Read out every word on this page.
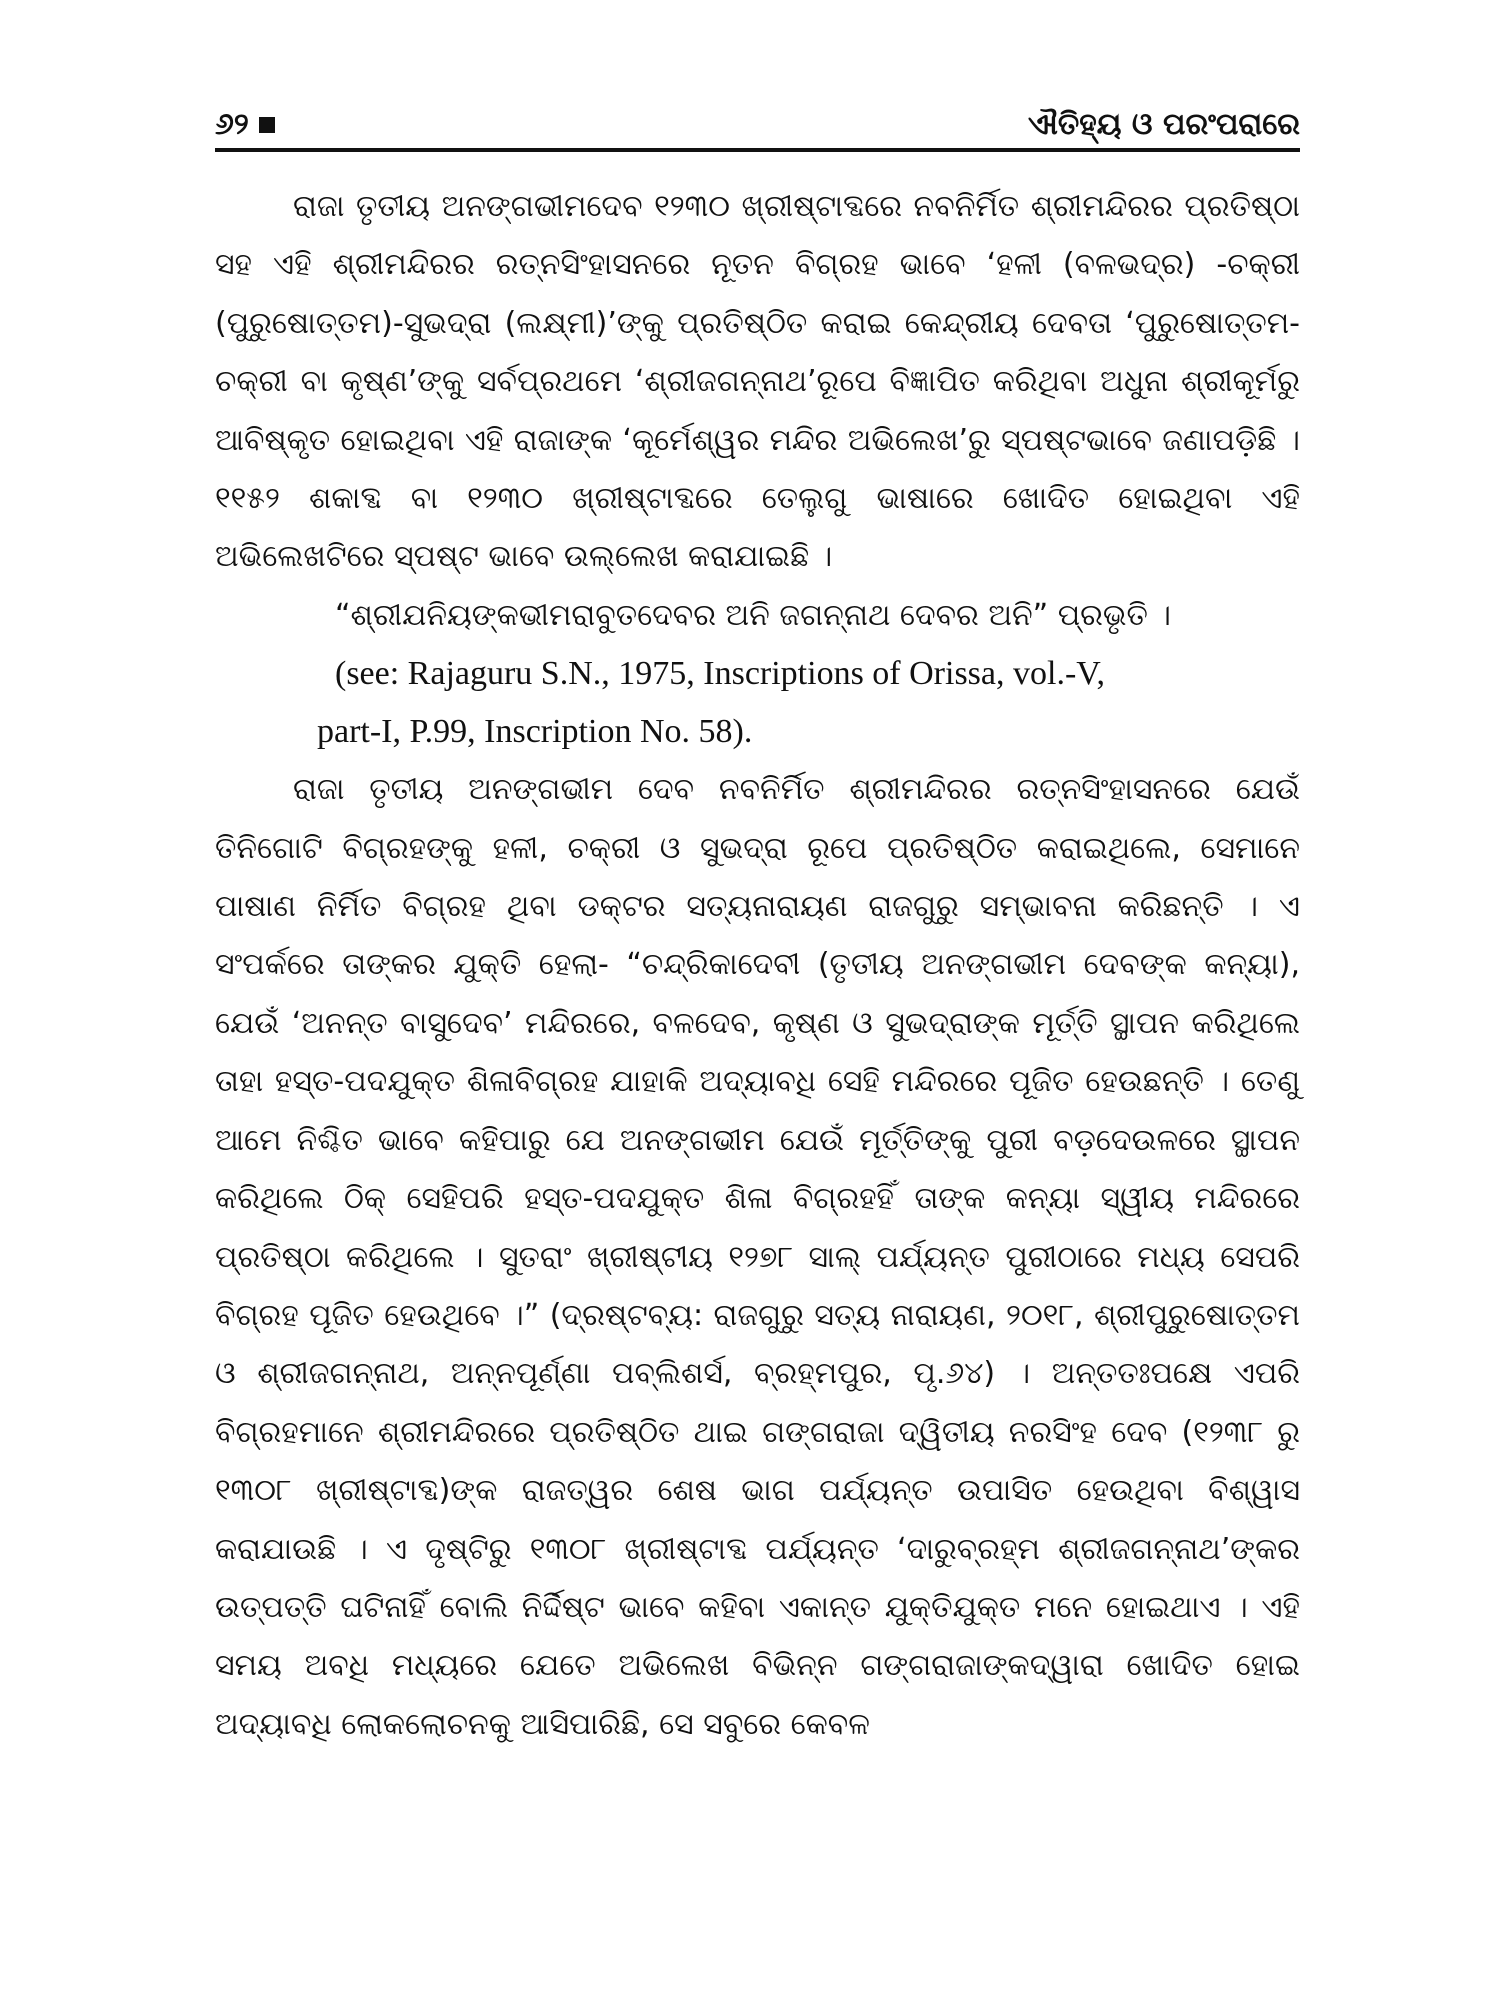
୬୨	ଐତିହ୍ୟ ଓ ପରଂପରାରେ

ରାଜା ତୃତୀୟ ଅନଙ୍ଗଭୀମଦେବ ୧୨୩୦ ଖ୍ରୀଷ୍ଟାବ୍ଦରେ ନବନିର୍ମିତ ଶ୍ରୀମନ୍ଦିରର ପ୍ରତିଷ୍ଠା ସହ ଏହି ଶ୍ରୀମନ୍ଦିରର ରତ୍ନସିଂହାସନରେ ନୂତନ ବିଗ୍ରହ ଭାବେ ‘ହଳୀ (ବଳଭଦ୍ର) -ଚକ୍ରୀ (ପୁରୁଷୋତ୍ତମ)-ସୁଭଦ୍ରା (ଲକ୍ଷ୍ମୀ)’ଙ୍କୁ ପ୍ରତିଷ୍ଠିତ କରାଇ କେନ୍ଦ୍ରୀୟ ଦେବତା ‘ପୁରୁଷୋତ୍ତମ-ଚକ୍ରୀ ବା କୃଷ୍ଣ’ଙ୍କୁ ସର୍ବପ୍ରଥମେ ‘ଶ୍ରୀଜଗନ୍ନାଥ’ରୂପେ ବିଜ୍ଞାପିତ କରିଥିବା ଅଧୁନା ଶ୍ରୀକୂର୍ମରୁ ଆବିଷ୍କୃତ ହୋଇଥିବା ଏହି ରାଜାଙ୍କ ‘କୂର୍ମେଶ୍ୱର ମନ୍ଦିର ଅଭିଲେଖ’ରୁ ସ୍ପଷ୍ଟଭାବେ ଜଣାପଡ଼ିଛି । ୧୧୫୨ ଶକାବ୍ଦ ବା ୧୨୩୦ ଖ୍ରୀଷ୍ଟାବ୍ଦରେ ତେଲୁଗୁ ଭାଷାରେ ଖୋଦିତ ହୋଇଥିବା ଏହି ଅଭିଲେଖଟିରେ ସ୍ପଷ୍ଟ ଭାବେ ଉଲ୍ଲେଖ କରାଯାଇଛି ।

“ଶ୍ରୀଯନିୟଙ୍କଭୀମରାବୁତଦେବର ଅନି ଜଗନ୍ନାଥ ଦେବର ଅନି” ପ୍ରଭୃତି ।

(see: Rajaguru S.N., 1975, Inscriptions of Orissa, vol.-V,

part-I, P.99, Inscription No. 58).

ରାଜା ତୃତୀୟ ଅନଙ୍ଗଭୀମ ଦେବ ନବନିର୍ମିତ ଶ୍ରୀମନ୍ଦିରର ରତ୍ନସିଂହାସନରେ ଯେଉଁ ତିନିଗୋଟି ବିଗ୍ରହଙ୍କୁ ହଳୀ, ଚକ୍ରୀ ଓ ସୁଭଦ୍ରା ରୂପେ ପ୍ରତିଷ୍ଠିତ କରାଇଥିଲେ, ସେମାନେ ପାଷାଣ ନିର୍ମିତ ବିଗ୍ରହ ଥିବା ଡକ୍ଟର ସତ୍ୟନାରାୟଣ ରାଜଗୁରୁ ସମ୍ଭାବନା କରିଛନ୍ତି । ଏ ସଂପର୍କରେ ତାଙ୍କର ଯୁକ୍ତି ହେଲା- “ଚନ୍ଦ୍ରିକାଦେବୀ (ତୃତୀୟ ଅନଙ୍ଗଭୀମ ଦେବଙ୍କ କନ୍ୟା), ଯେଉଁ ‘ଅନନ୍ତ ବାସୁଦେବ’ ମନ୍ଦିରରେ, ବଳଦେବ, କୃଷ୍ଣ ଓ ସୁଭଦ୍ରାଙ୍କ ମୂର୍ତ୍ତି ସ୍ଥାପନ କରିଥିଲେ ତାହା ହସ୍ତ-ପଦଯୁକ୍ତ ଶିଳାବିଗ୍ରହ ଯାହାକି ଅଦ୍ୟାବଧି ସେହି ମନ୍ଦିରରେ ପୂଜିତ ହେଉଛନ୍ତି । ତେଣୁ ଆମେ ନିଶ୍ଚିତ ଭାବେ କହିପାରୁ ଯେ ଅନଙ୍ଗଭୀମ ଯେଉଁ ମୂର୍ତ୍ତିଙ୍କୁ ପୁରୀ ବଡ଼ଦେଉଳରେ ସ୍ଥାପନ କରିଥିଲେ ଠିକ୍ ସେହିପରି ହସ୍ତ-ପଦଯୁକ୍ତ ଶିଳା ବିଗ୍ରହହିଁ ତାଙ୍କ କନ୍ୟା ସ୍ୱୀୟ ମନ୍ଦିରରେ ପ୍ରତିଷ୍ଠା କରିଥିଲେ । ସୁତରାଂ ଖ୍ରୀଷ୍ଟୀୟ ୧୨୭୮ ସାଲ୍ ପର୍ଯ୍ୟନ୍ତ ପୁରୀଠାରେ ମଧ୍ୟ ସେପରି ବିଗ୍ରହ ପୂଜିତ ହେଉଥିବେ ।” (ଦ୍ରଷ୍ଟବ୍ୟ: ରାଜଗୁରୁ ସତ୍ୟ ନାରାୟଣ, ୨୦୧୮, ଶ୍ରୀପୁରୁଷୋତ୍ତମ ଓ ଶ୍ରୀଜଗନ୍ନାଥ, ଅନ୍ନପୂର୍ଣ୍ଣା ପବ୍ଲିଶର୍ସ, ବ୍ରହ୍ମପୁର, ପୃ.୬୪) । ଅନ୍ତତଃପକ୍ଷେ ଏପରି ବିଗ୍ରହମାନେ ଶ୍ରୀମନ୍ଦିରରେ ପ୍ରତିଷ୍ଠିତ ଥାଇ ଗଙ୍ଗରାଜା ଦ୍ୱିତୀୟ ନରସିଂହ ଦେବ (୧୨୩୮ ରୁ ୧୩୦୮ ଖ୍ରୀଷ୍ଟାବ୍ଦ)ଙ୍କ ରାଜତ୍ୱର ଶେଷ ଭାଗ ପର୍ଯ୍ୟନ୍ତ ଉପାସିତ ହେଉଥିବା ବିଶ୍ୱାସ କରାଯାଉଛି । ଏ ଦୃଷ୍ଟିରୁ ୧୩୦୮ ଖ୍ରୀଷ୍ଟାବ୍ଦ ପର୍ଯ୍ୟନ୍ତ ‘ଦାରୁବ୍ରହ୍ମ ଶ୍ରୀଜଗନ୍ନାଥ’ଙ୍କର ଉତ୍ପତ୍ତି ଘଟିନାହିଁ ବୋଲି ନିର୍ଦ୍ଦିଷ୍ଟ ଭାବେ କହିବା ଏକାନ୍ତ ଯୁକ୍ତିଯୁକ୍ତ ମନେ ହୋଇଥାଏ । ଏହି ସମୟ ଅବଧି ମଧ୍ୟରେ ଯେତେ ଅଭିଲେଖ ବିଭିନ୍ନ ଗଙ୍ଗରାଜାଙ୍କଦ୍ୱାରା ଖୋଦିତ ହୋଇ ଅଦ୍ୟାବଧି ଲୋକଲୋଚନକୁ ଆସିପାରିଛି, ସେ ସବୁରେ କେବଳ
